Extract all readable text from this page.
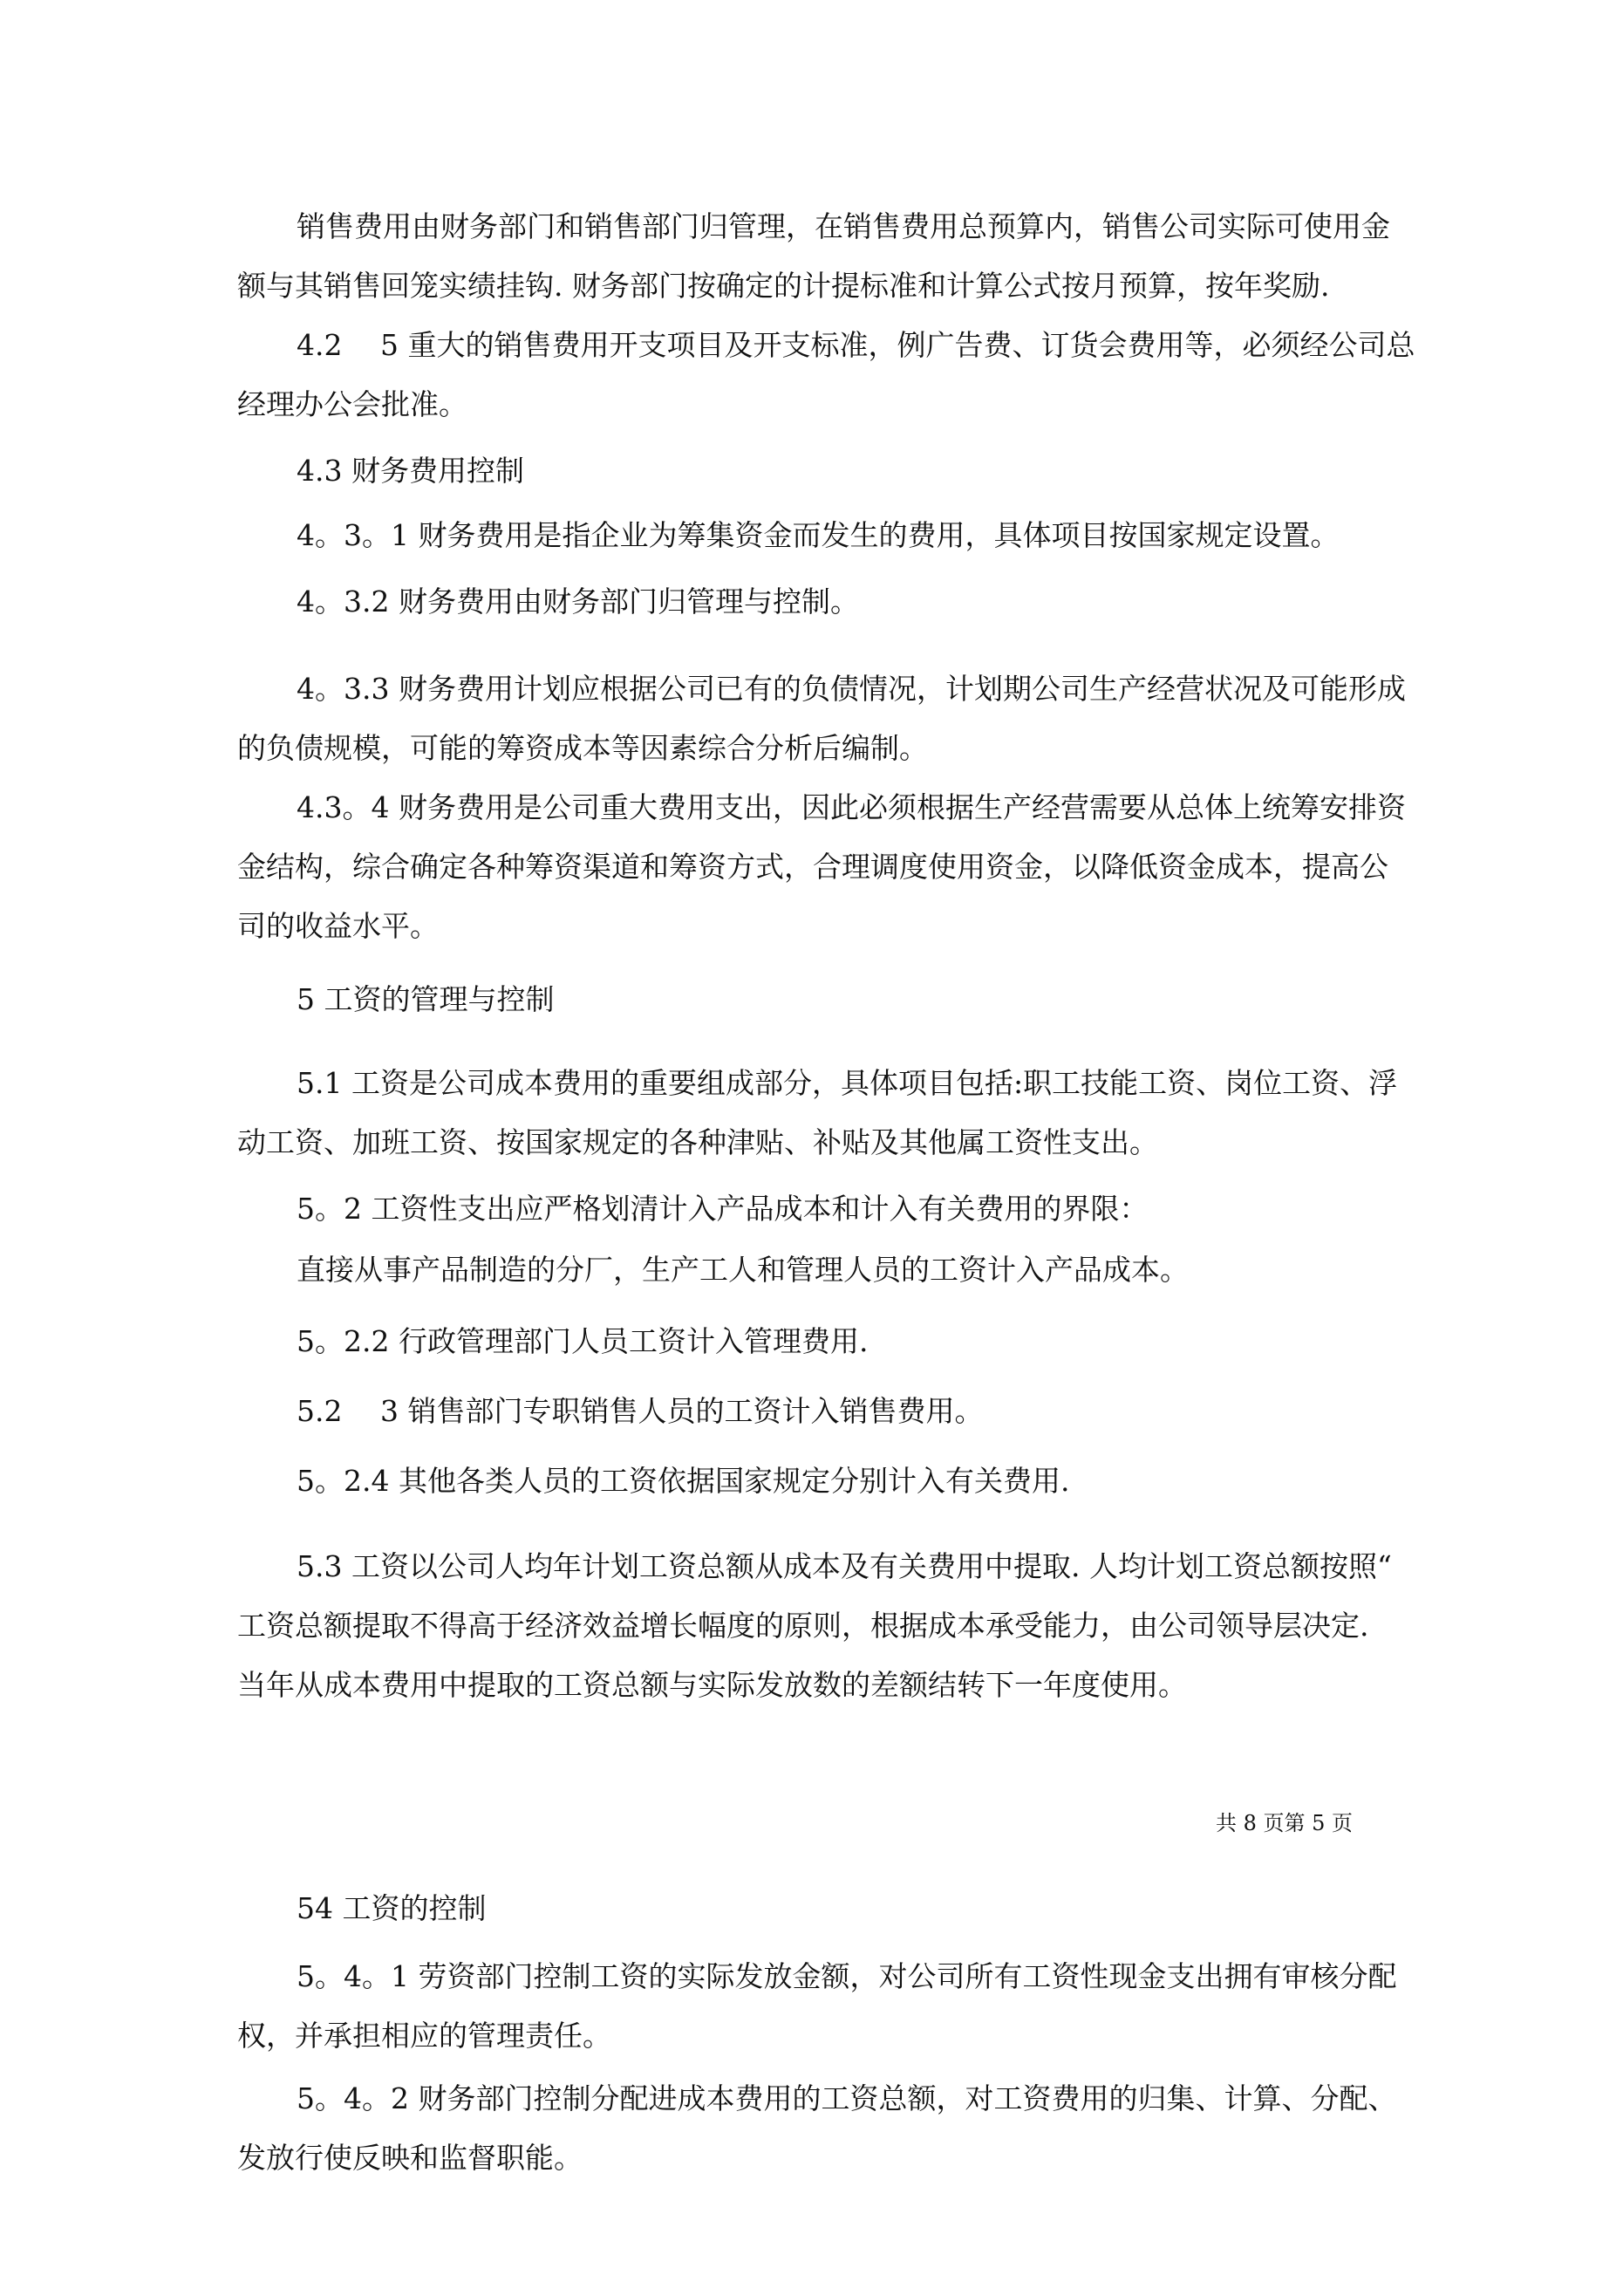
销售费用由财务部门和销售部门归管理，在销售费用总预算内，销售公司实际可使用金
额与其销售回笼实绩挂钩. 财务部门按确定的计提标准和计算公式按月预算，按年奖励.

4.2　 5 重大的销售费用开支项目及开支标准，例广告费、订货会费用等，必须经公司总
经理办公会批准。

4.3 财务费用控制

4。3。1 财务费用是指企业为筹集资金而发生的费用，具体项目按国家规定设置。

4。3.2 财务费用由财务部门归管理与控制。

4。3.3 财务费用计划应根据公司已有的负债情况，计划期公司生产经营状况及可能形成
的负债规模，可能的筹资成本等因素综合分析后编制。

4.3。4 财务费用是公司重大费用支出，因此必须根据生产经营需要从总体上统筹安排资
金结构，综合确定各种筹资渠道和筹资方式，合理调度使用资金，以降低资金成本，提高公
司的收益水平。

5 工资的管理与控制

5.1 工资是公司成本费用的重要组成部分，具体项目包括:职工技能工资、岗位工资、浮
动工资、加班工资、按国家规定的各种津贴、补贴及其他属工资性支出。

5。2 工资性支出应严格划清计入产品成本和计入有关费用的界限：

直接从事产品制造的分厂，生产工人和管理人员的工资计入产品成本。

5。2.2 行政管理部门人员工资计入管理费用.

5.2　 3 销售部门专职销售人员的工资计入销售费用。

5。2.4 其他各类人员的工资依据国家规定分别计入有关费用.

5.3 工资以公司人均年计划工资总额从成本及有关费用中提取. 人均计划工资总额按照“
工资总额提取不得高于经济效益增长幅度的原则，根据成本承受能力，由公司领导层决定.
当年从成本费用中提取的工资总额与实际发放数的差额结转下一年度使用。

共 8 页第 5 页

54 工资的控制

5。4。1 劳资部门控制工资的实际发放金额，对公司所有工资性现金支出拥有审核分配
权，并承担相应的管理责任。

5。4。2 财务部门控制分配进成本费用的工资总额，对工资费用的归集、计算、分配、
发放行使反映和监督职能。
